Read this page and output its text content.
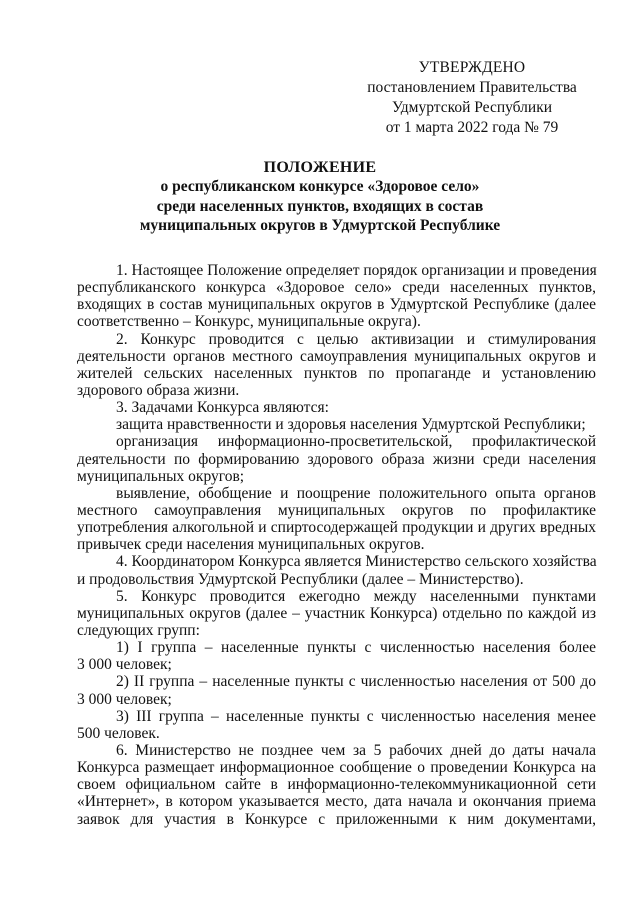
УТВЕРЖДЕНО
постановлением Правительства
Удмуртской Республики
от 1 марта 2022 года № 79
ПОЛОЖЕНИЕ
о республиканском конкурсе «Здоровое село»
среди населенных пунктов, входящих в состав
муниципальных округов в Удмуртской Республике
1. Настоящее Положение определяет порядок организации и проведения
республиканского конкурса «Здоровое село» среди населенных пунктов,
входящих в состав муниципальных округов в Удмуртской Республике (далее
соответственно – Конкурс, муниципальные округа).
2. Конкурс проводится с целью активизации и стимулирования
деятельности органов местного самоуправления муниципальных округов и
жителей сельских населенных пунктов по пропаганде и установлению
здорового образа жизни.
3. Задачами Конкурса являются:
защита нравственности и здоровья населения Удмуртской Республики;
организация информационно-просветительской, профилактической
деятельности по формированию здорового образа жизни среди населения
муниципальных округов;
выявление, обобщение и поощрение положительного опыта органов
местного самоуправления муниципальных округов по профилактике
употребления алкогольной и спиртосодержащей продукции и других вредных
привычек среди населения муниципальных округов.
4. Координатором Конкурса является Министерство сельского хозяйства
и продовольствия Удмуртской Республики (далее – Министерство).
5. Конкурс проводится ежегодно между населенными пунктами
муниципальных округов (далее – участник Конкурса) отдельно по каждой из
следующих групп:
1) I группа – населенные пункты с численностью населения более
3 000 человек;
2) II группа – населенные пункты с численностью населения от 500 до
3 000 человек;
3) III группа – населенные пункты с численностью населения менее
500 человек.
6. Министерство не позднее чем за 5 рабочих дней до даты начала
Конкурса размещает информационное сообщение о проведении Конкурса на
своем официальном сайте в информационно-телекоммуникационной сети
«Интернет», в котором указывается место, дата начала и окончания приема
заявок для участия в Конкурсе с приложенными к ним документами,
